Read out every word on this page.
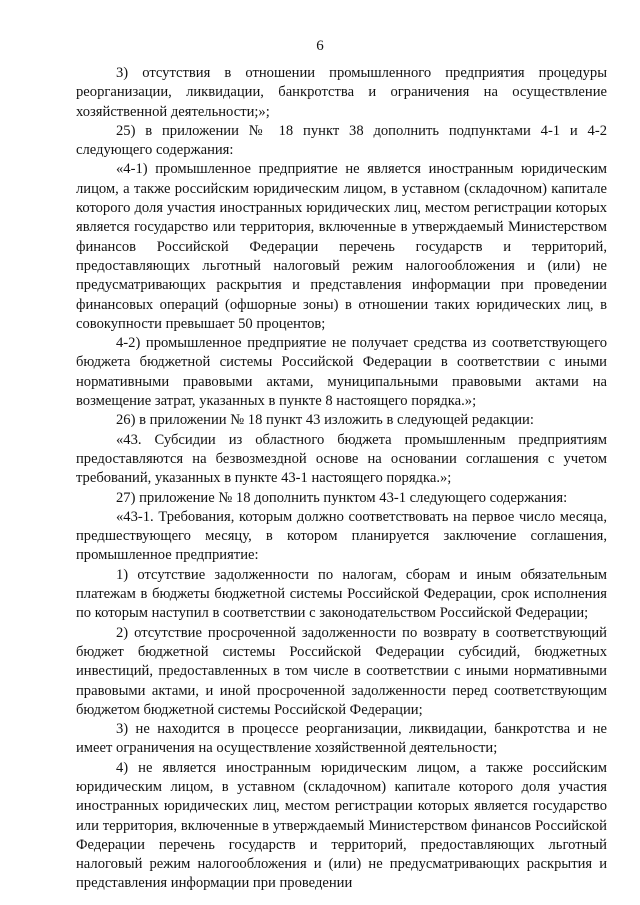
6

3) отсутствия в отношении промышленного предприятия процедуры реорганизации, ликвидации, банкротства и ограничения на осуществление хозяйственной деятельности;»;

25) в приложении № 18 пункт 38 дополнить подпунктами 4-1 и 4-2 следующего содержания:

«4-1) промышленное предприятие не является иностранным юридическим лицом, а также российским юридическим лицом, в уставном (складочном) капитале которого доля участия иностранных юридических лиц, местом регистрации которых является государство или территория, включенные в утверждаемый Министерством финансов Российской Федерации перечень государств и территорий, предоставляющих льготный налоговый режим налогообложения и (или) не предусматривающих раскрытия и представления информации при проведении финансовых операций (офшорные зоны) в отношении таких юридических лиц, в совокупности превышает 50 процентов;

4-2) промышленное предприятие не получает средства из соответствующего бюджета бюджетной системы Российской Федерации в соответствии с иными нормативными правовыми актами, муниципальными правовыми актами на возмещение затрат, указанных в пункте 8 настоящего порядка.»;

26) в приложении № 18 пункт 43 изложить в следующей редакции:

«43. Субсидии из областного бюджета промышленным предприятиям предоставляются на безвозмездной основе на основании соглашения с учетом требований, указанных в пункте 43-1 настоящего порядка.»;

27) приложение № 18 дополнить пунктом 43-1 следующего содержания:

«43-1. Требования, которым должно соответствовать на первое число месяца, предшествующего месяцу, в котором планируется заключение соглашения, промышленное предприятие:

1) отсутствие задолженности по налогам, сборам и иным обязательным платежам в бюджеты бюджетной системы Российской Федерации, срок исполнения по которым наступил в соответствии с законодательством Российской Федерации;

2) отсутствие просроченной задолженности по возврату в соответствующий бюджет бюджетной системы Российской Федерации субсидий, бюджетных инвестиций, предоставленных в том числе в соответствии с иными нормативными правовыми актами, и иной просроченной задолженности перед соответствующим бюджетом бюджетной системы Российской Федерации;

3) не находится в процессе реорганизации, ликвидации, банкротства и не имеет ограничения на осуществление хозяйственной деятельности;

4) не является иностранным юридическим лицом, а также российским юридическим лицом, в уставном (складочном) капитале которого доля участия иностранных юридических лиц, местом регистрации которых является государство или территория, включенные в утверждаемый Министерством финансов Российской Федерации перечень государств и территорий, предоставляющих льготный налоговый режим налогообложения и (или) не предусматривающих раскрытия и представления информации при проведении
